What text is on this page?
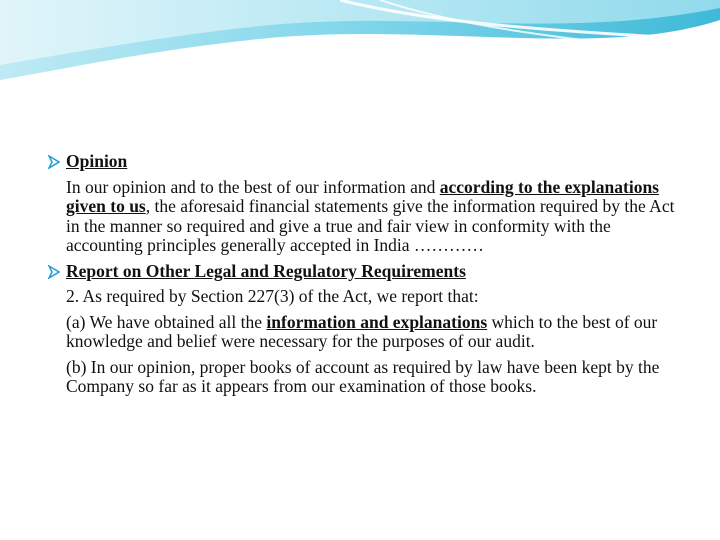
Opinion

In our opinion and to the best of our information and according to the explanations given to us, the aforesaid financial statements give the information required by the Act in the manner so required and give a true and fair view in conformity with the accounting principles generally accepted in India …………

Report on Other Legal and Regulatory Requirements

2. As required by Section 227(3) of the Act, we report that:

(a) We have obtained all the information and explanations which to the best of our knowledge and belief were necessary for the purposes of our audit.

(b) In our opinion, proper books of account as required by law have been kept by the Company so far as it appears from our examination of those books.
